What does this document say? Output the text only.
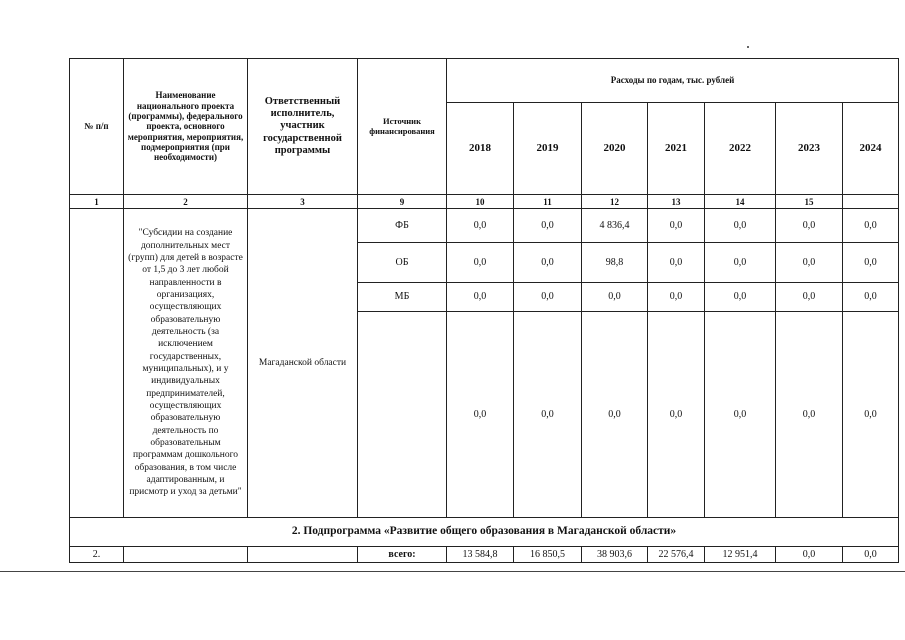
№ п/п	Наименование национального проекта (программы), федерального проекта, основного мероприятия, мероприятия, подмероприятия (при необходимости)	Ответственный исполнитель, участник государственной программы	Источник финансирования	Расходы по годам, тыс. рублей						
				2018	2019	2020	2021	2022	2023	2024
1	2	3	9	10	11	12	13	14	15	
	"Субсидии на создание дополнительных мест (групп) для детей в возрасте от 1,5 до 3 лет любой направленности в организациях, осуществляющих образовательную деятельность (за исключением государственных, муниципальных), и у индивидуальных предпринимателей, осуществляющих образовательную деятельность по образовательным программам дошкольного образования, в том числе адаптированным, и присмотр и уход за детьми"	Магаданской области	ФБ	0,0	0,0	4 836,4	0,0	0,0	0,0	0,0
			ОБ	0,0	0,0	98,8	0,0	0,0	0,0	0,0
			МБ	0,0	0,0	0,0	0,0	0,0	0,0	0,0
				0,0	0,0	0,0	0,0	0,0	0,0	0,0
2. Подпрограмма «Развитие общего образования в Магаданской области»										
2.			всего:	13 584,8	16 850,5	38 903,6	22 576,4	12 951,4	0,0	0,0
